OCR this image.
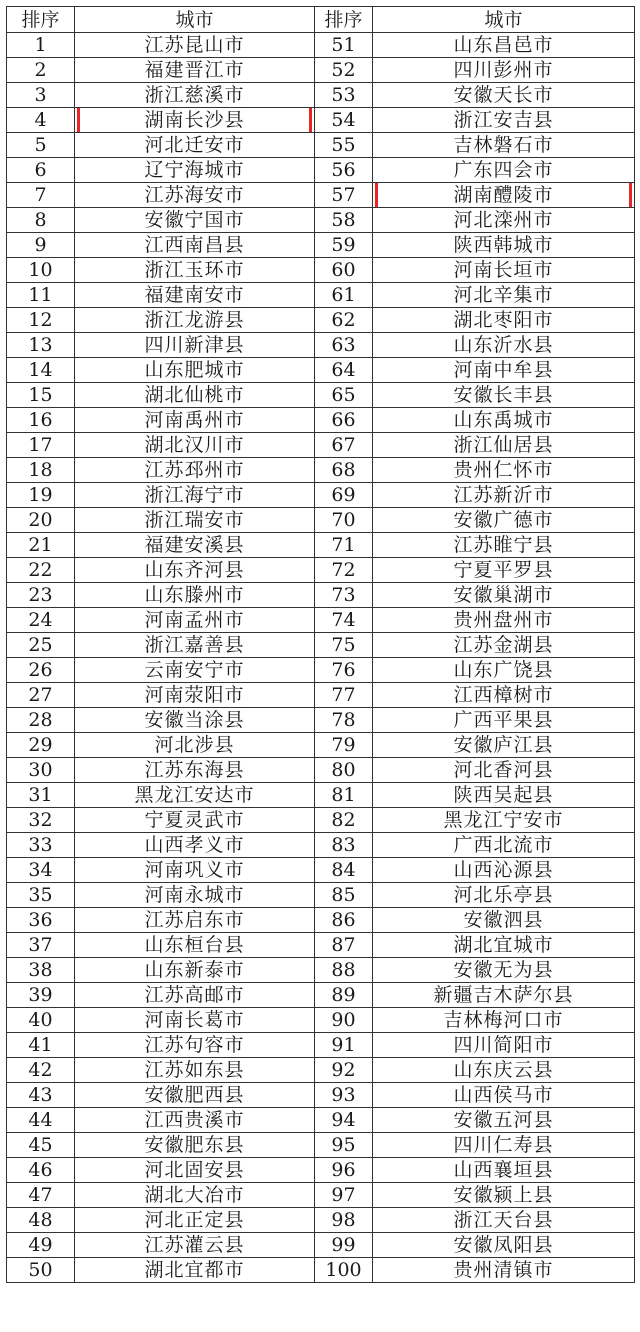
排序	城市	排序	城市
1	江苏昆山市	51	山东昌邑市
2	福建晋江市	52	四川彭州市
3	浙江慈溪市	53	安徽天长市
4	湖南长沙县	54	浙江安吉县
5	河北迁安市	55	吉林磐石市
6	辽宁海城市	56	广东四会市
7	江苏海安市	57	湖南醴陵市
8	安徽宁国市	58	河北滦州市
9	江西南昌县	59	陕西韩城市
10	浙江玉环市	60	河南长垣市
11	福建南安市	61	河北辛集市
12	浙江龙游县	62	湖北枣阳市
13	四川新津县	63	山东沂水县
14	山东肥城市	64	河南中牟县
15	湖北仙桃市	65	安徽长丰县
16	河南禹州市	66	山东禹城市
17	湖北汉川市	67	浙江仙居县
18	江苏邳州市	68	贵州仁怀市
19	浙江海宁市	69	江苏新沂市
20	浙江瑞安市	70	安徽广德市
21	福建安溪县	71	江苏睢宁县
22	山东齐河县	72	宁夏平罗县
23	山东滕州市	73	安徽巢湖市
24	河南孟州市	74	贵州盘州市
25	浙江嘉善县	75	江苏金湖县
26	云南安宁市	76	山东广饶县
27	河南荥阳市	77	江西樟树市
28	安徽当涂县	78	广西平果县
29	河北涉县	79	安徽庐江县
30	江苏东海县	80	河北香河县
31	黑龙江安达市	81	陕西吴起县
32	宁夏灵武市	82	黑龙江宁安市
33	山西孝义市	83	广西北流市
34	河南巩义市	84	山西沁源县
35	河南永城市	85	河北乐亭县
36	江苏启东市	86	安徽泗县
37	山东桓台县	87	湖北宜城市
38	山东新泰市	88	安徽无为县
39	江苏高邮市	89	新疆吉木萨尔县
40	河南长葛市	90	吉林梅河口市
41	江苏句容市	91	四川简阳市
42	江苏如东县	92	山东庆云县
43	安徽肥西县	93	山西侯马市
44	江西贵溪市	94	安徽五河县
45	安徽肥东县	95	四川仁寿县
46	河北固安县	96	山西襄垣县
47	湖北大冶市	97	安徽颍上县
48	河北正定县	98	浙江天台县
49	江苏灌云县	99	安徽凤阳县
50	湖北宜都市	100	贵州清镇市
